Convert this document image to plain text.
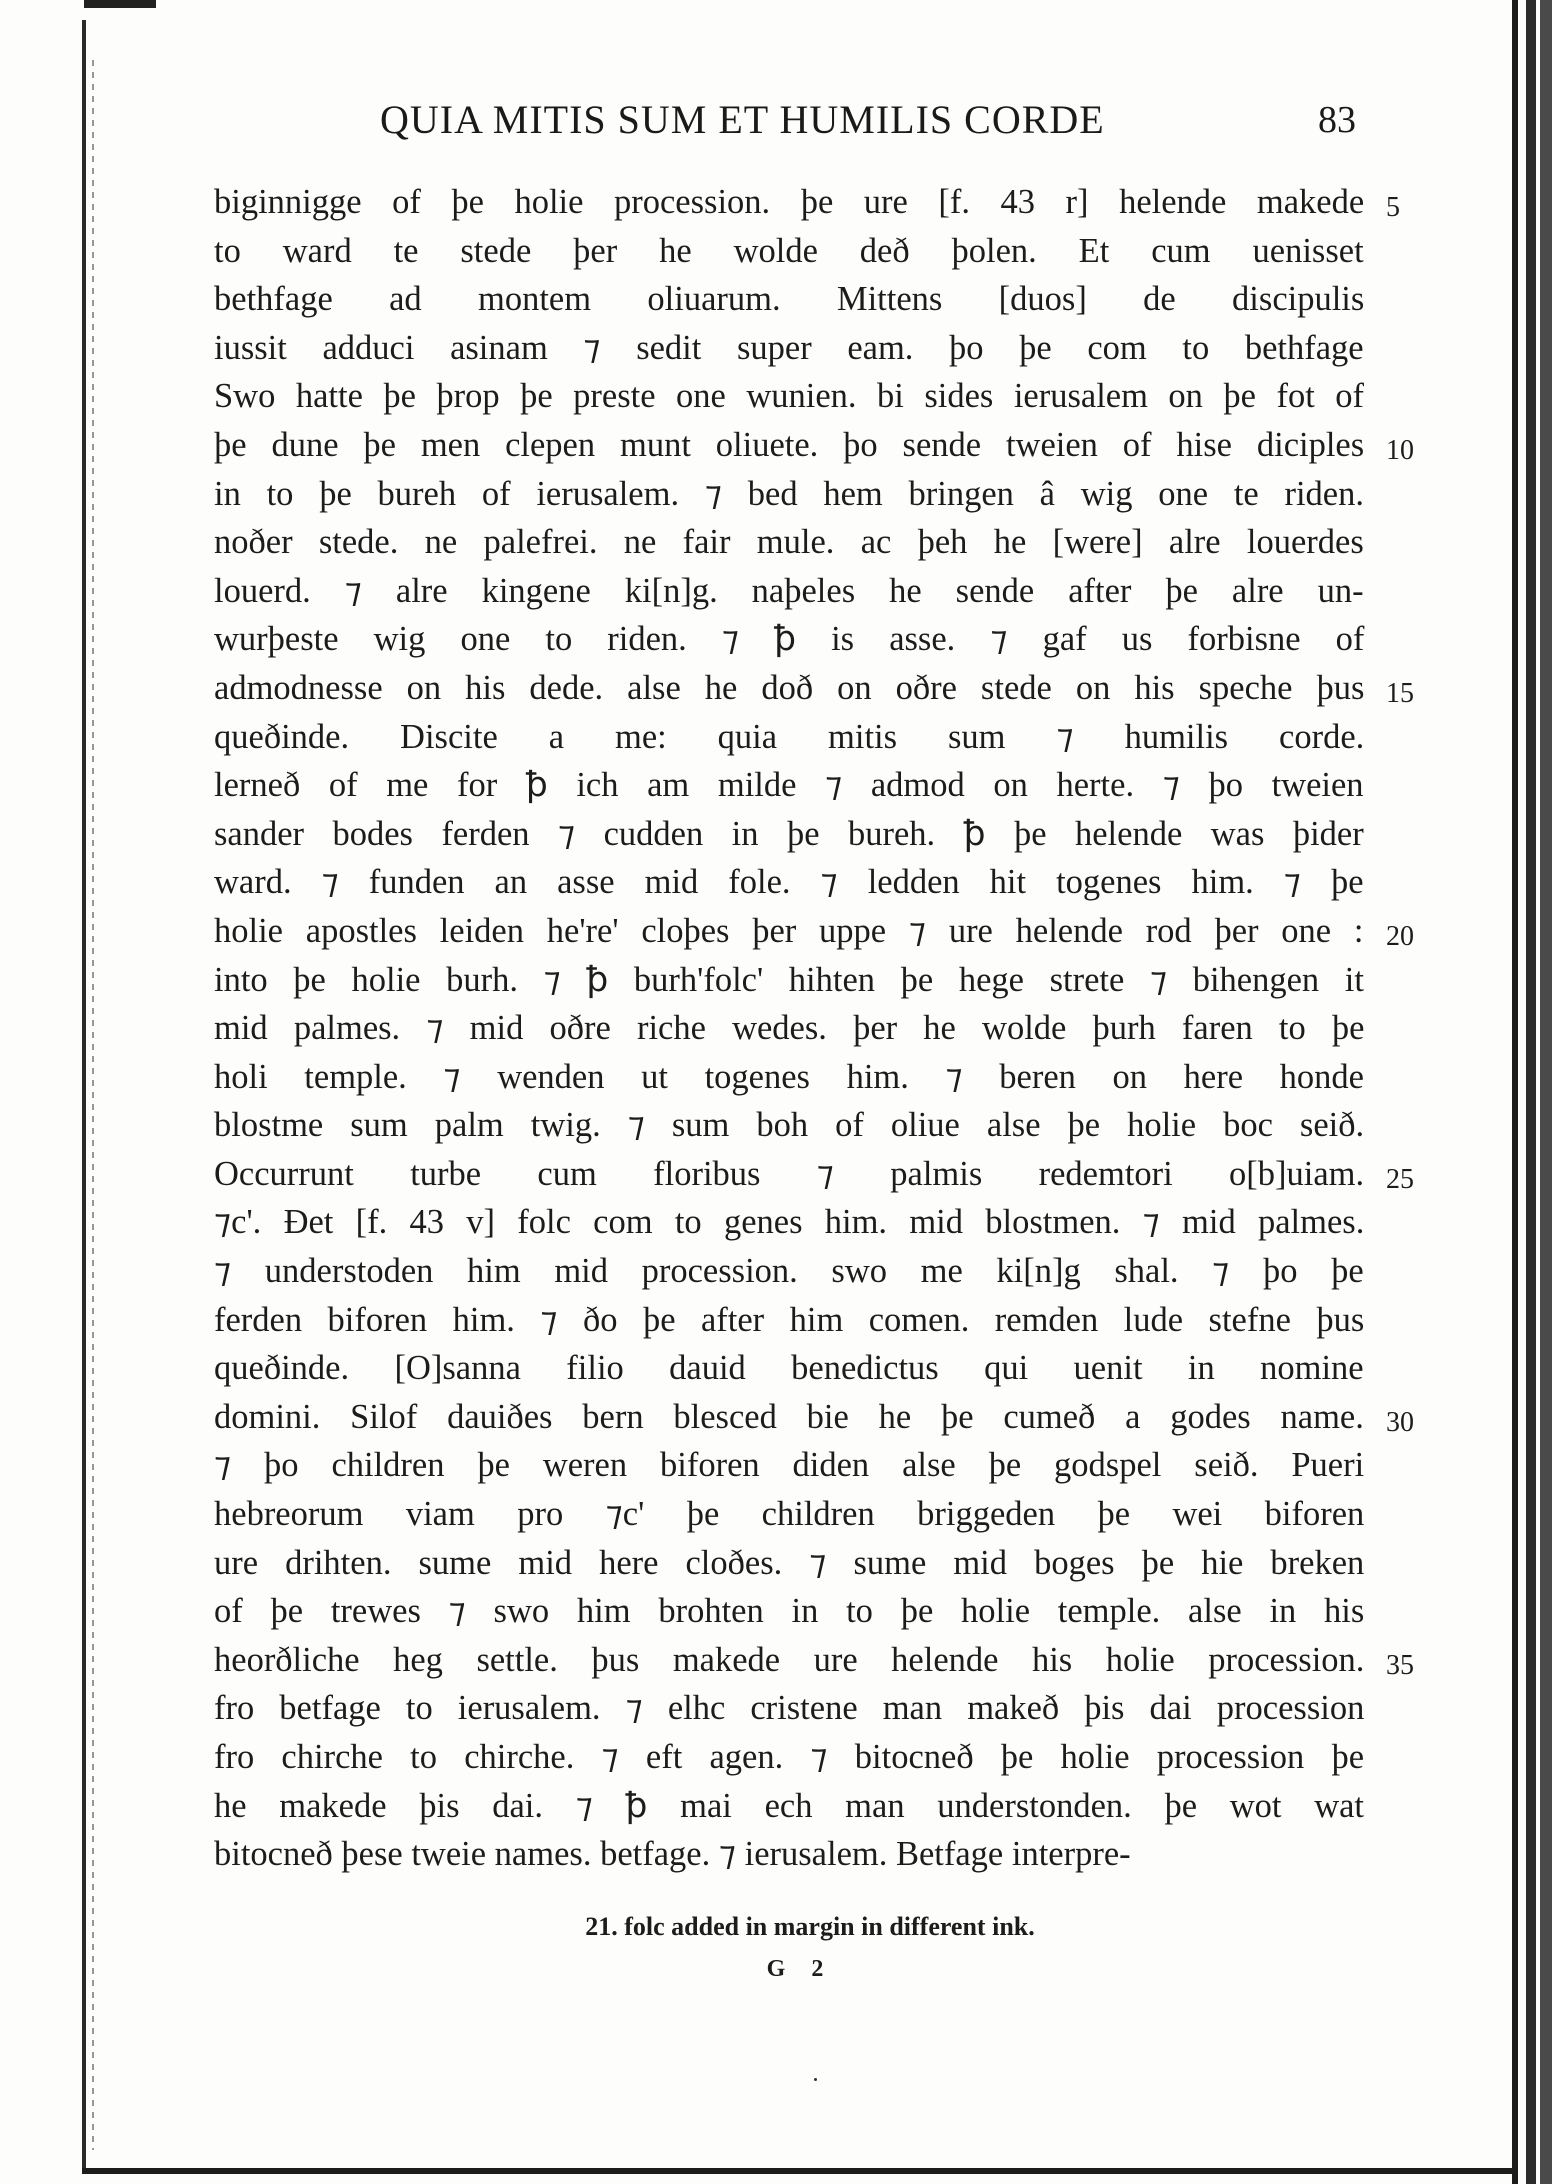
QUIA MITIS SUM ET HUMILIS CORDE	83
biginnigge of þe holie procession. þe ure [f. 43 r] helende makede 5
to ward te stede þer he wolde deð þolen. Et cum uenisset
bethfage ad montem oliuarum. Mittens [duos] de discipulis
iussit adduci asinam ⁊ sedit super eam. þo þe com to bethfage
Swo hatte þe þrop þe preste one wunien. bi sides ierusalem on þe fot of
þe dune þe men clepen munt oliuete. þo sende tweien of hise diciples 10
in to þe bureh of ierusalem. ⁊ bed hem bringen â wig one te riden.
noðer stede. ne palefrei. ne fair mule. ac þeh he [were] alre louerdes
louerd. ⁊ alre kingene ki[n]g. naþeles he sende after þe alre un-
wurþeste wig one to riden. ⁊ ꝥ is asse. ⁊ gaf us forbisne of
admodnesse on his dede. alse he doð on oðre stede on his speche þus 15
queðinde. Discite a me: quia mitis sum ⁊ humilis corde.
lerneð of me for ꝥ ich am milde ⁊ admod on herte. ⁊ þo tweien
sander bodes ferden ⁊ cudden in þe bureh. ꝥ þe helende was þider
ward. ⁊ funden an asse mid fole. ⁊ ledden hit togenes him. ⁊ þe
holie apostles leiden he're' cloþes þer uppe ⁊ ure helende rod þer one : 20
into þe holie burh. ⁊ ꝥ burh'folc' hihten þe hege strete ⁊ bihengen it
mid palmes. ⁊ mid oðre riche wedes. þer he wolde þurh faren to þe
holi temple. ⁊ wenden ut togenes him. ⁊ beren on here honde
blostme sum palm twig. ⁊ sum boh of oliue alse þe holie boc seið.
Occurrunt turbe cum floribus ⁊ palmis redemtori o[b]uiam. 25
⁊c'. Ðet [f. 43 v] folc com to genes him. mid blostmen. ⁊ mid palmes.
⁊ understoden him mid procession. swo me ki[n]g shal. ⁊ þo þe
ferden biforen him. ⁊ ðo þe after him comen. remden lude stefne þus
queðinde. [O]sanna filio dauid benedictus qui uenit in nomine
domini. Silof dauiðes bern blesced bie he þe cumeð a godes name. 30
⁊ þo children þe weren biforen diden alse þe godspel seið. Pueri
hebreorum viam pro ⁊c' þe children briggeden þe wei biforen
ure drihten. sume mid here cloðes. ⁊ sume mid boges þe hie breken
of þe trewes ⁊ swo him brohten in to þe holie temple. alse in his
heorðliche heg settle. þus makede ure helende his holie procession. 35
fro betfage to ierusalem. ⁊ elhc cristene man makeð þis dai procession
fro chirche to chirche. ⁊ eft agen. ⁊ bitocneð þe holie procession þe
he makede þis dai. ⁊ ꝥ mai ech man understonden. þe wot wat
bitocneð þese tweie names. betfage. ⁊ ierusalem. Betfage interpre-
21. folc added in margin in different ink.
G 2
